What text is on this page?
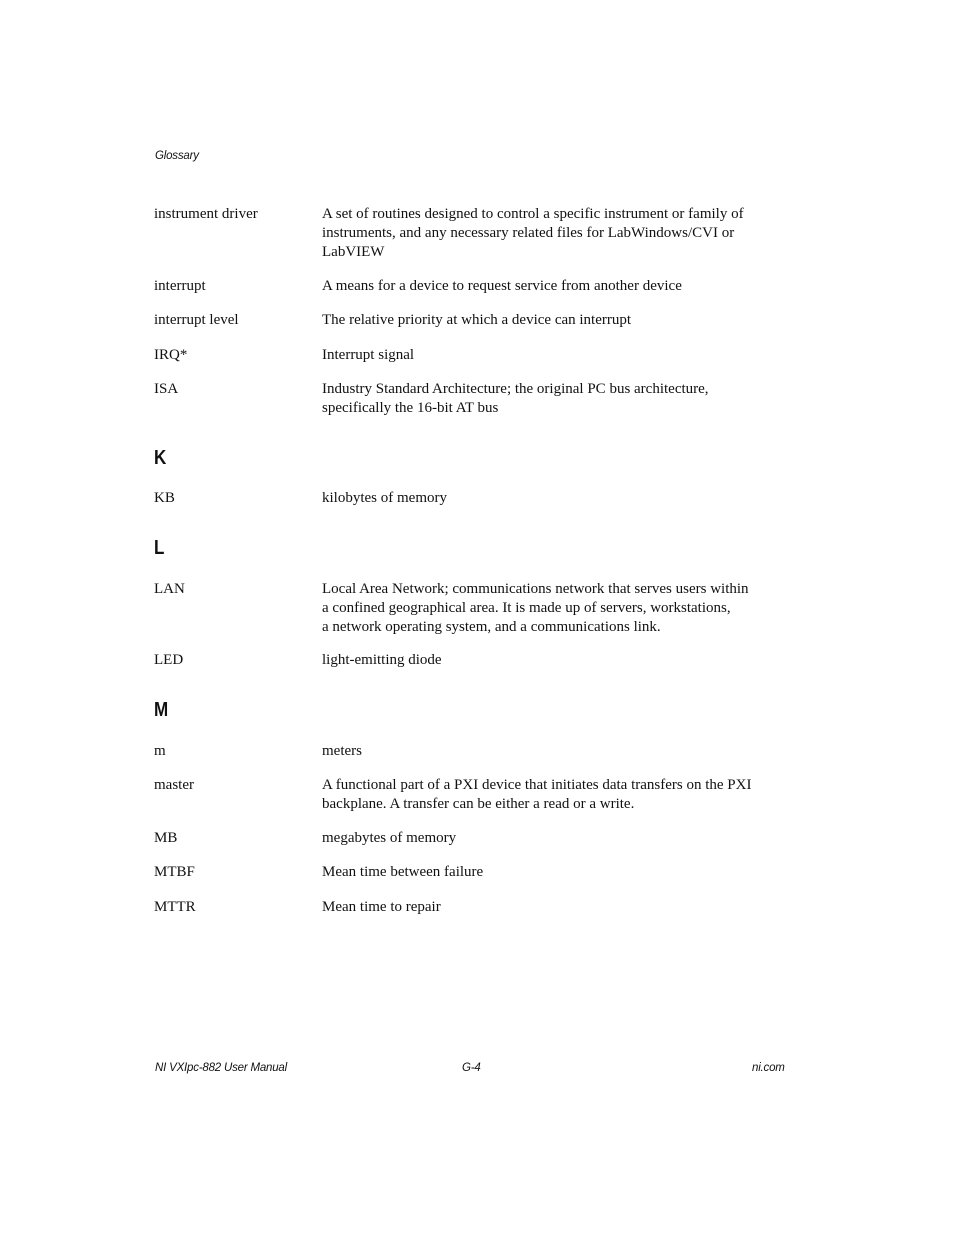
Glossary
instrument driver	A set of routines designed to control a specific instrument or family of
instruments, and any necessary related files for LabWindows/CVI or
LabVIEW
interrupt	A means for a device to request service from another device
interrupt level	The relative priority at which a device can interrupt
IRQ*	Interrupt signal
ISA	Industry Standard Architecture; the original PC bus architecture,
specifically the 16-bit AT bus
K
KB	kilobytes of memory
L
LAN	Local Area Network; communications network that serves users within
a confined geographical area. It is made up of servers, workstations,
a network operating system, and a communications link.
LED	light-emitting diode
M
m	meters
master	A functional part of a PXI device that initiates data transfers on the PXI
backplane. A transfer can be either a read or a write.
MB	megabytes of memory
MTBF	Mean time between failure
MTTR	Mean time to repair
NI VXIpc-882 User Manual	G-4	ni.com
